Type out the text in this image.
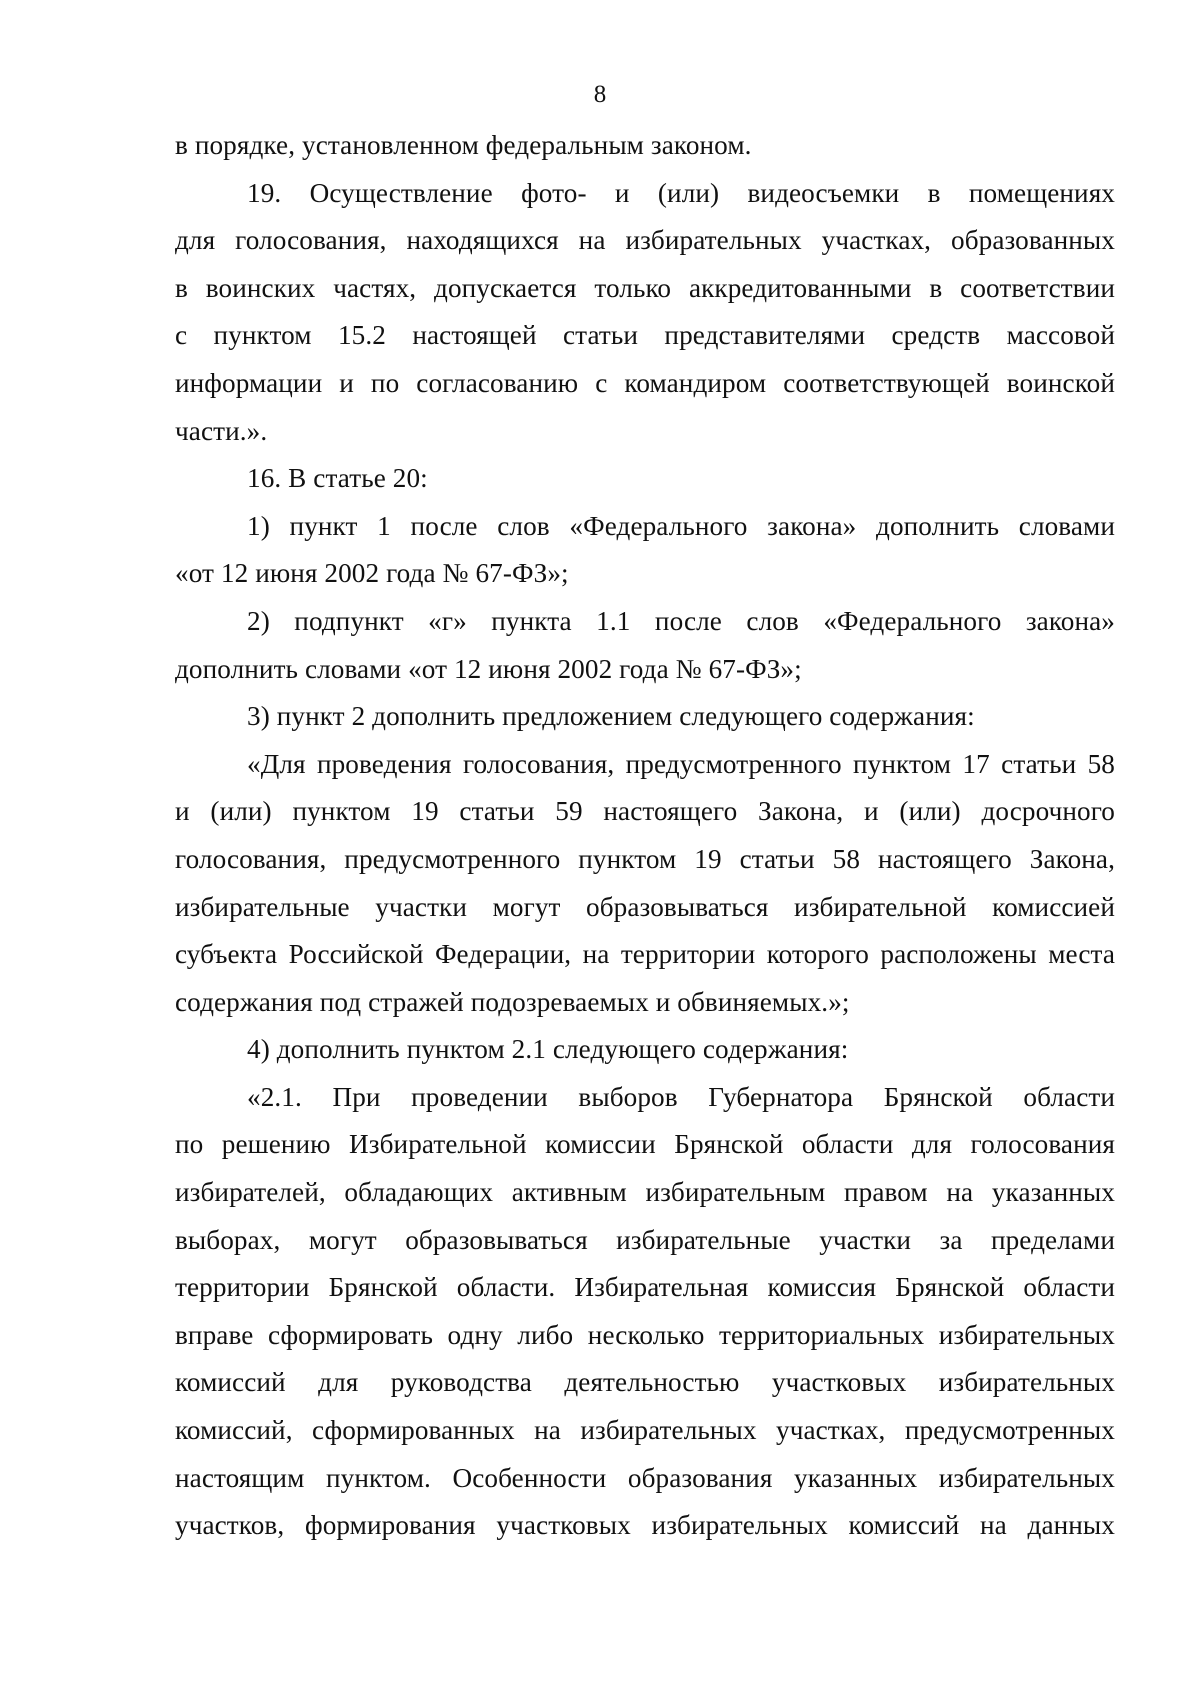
8
в порядке, установленном федеральным законом.
19. Осуществление фото- и (или) видеосъемки в помещениях
для голосования, находящихся на избирательных участках, образованных
в воинских частях, допускается только аккредитованными в соответствии
с пунктом 15.2 настоящей статьи представителями средств массовой
информации и по согласованию с командиром соответствующей воинской
части.».
16. В статье 20:
1) пункт 1 после слов «Федерального закона» дополнить словами
«от 12 июня 2002 года № 67-ФЗ»;
2) подпункт «г» пункта 1.1 после слов «Федерального закона»
дополнить словами «от 12 июня 2002 года № 67-ФЗ»;
3) пункт 2 дополнить предложением следующего содержания:
«Для проведения голосования, предусмотренного пунктом 17 статьи 58
и (или) пунктом 19 статьи 59 настоящего Закона, и (или) досрочного
голосования, предусмотренного пунктом 19 статьи 58 настоящего Закона,
избирательные участки могут образовываться избирательной комиссией
субъекта Российской Федерации, на территории которого расположены места
содержания под стражей подозреваемых и обвиняемых.»;
4) дополнить пунктом 2.1 следующего содержания:
«2.1. При проведении выборов Губернатора Брянской области
по решению Избирательной комиссии Брянской области для голосования
избирателей, обладающих активным избирательным правом на указанных
выборах, могут образовываться избирательные участки за пределами
территории Брянской области. Избирательная комиссия Брянской области
вправе сформировать одну либо несколько территориальных избирательных
комиссий для руководства деятельностью участковых избирательных
комиссий, сформированных на избирательных участках, предусмотренных
настоящим пунктом. Особенности образования указанных избирательных
участков, формирования участковых избирательных комиссий на данных
